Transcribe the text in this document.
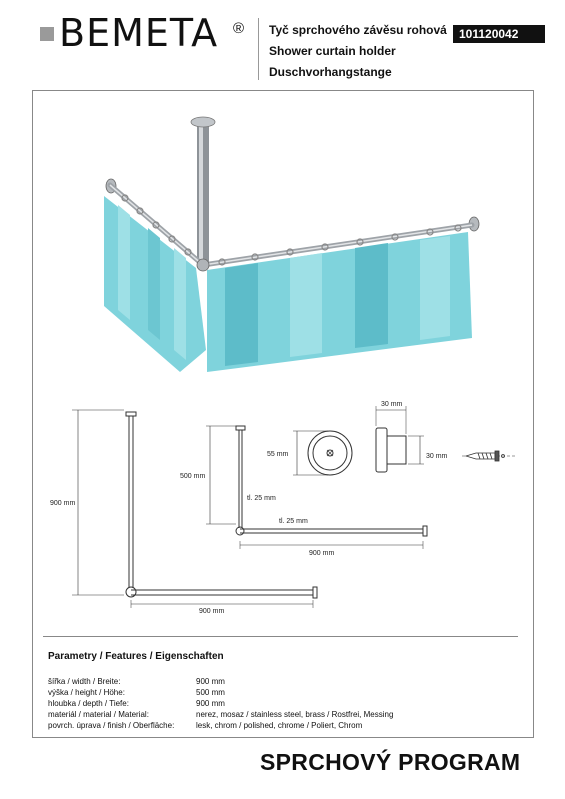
BEMETA ® Tyč sprchového závěsu rohová
Shower curtain holder
Duschvorhangstange
101120042
900 mm
900 mm
500 mm
tl. 25 mm
tl. 25 mm
900 mm
55 mm
30 mm
30 mm
Parametry / Features / Eigenschaften
šířka / width / Breite:	900 mm
výška / height / Höhe:	500 mm
hloubka / depth / Tiefe:	900 mm
materiál / material / Material:	nerez, mosaz / stainless steel, brass / Rostfrei, Messing
povrch. úprava / finish / Oberfläche:	lesk, chrom / polished, chrome / Poliert, Chrom
SPRCHOVÝ PROGRAM
